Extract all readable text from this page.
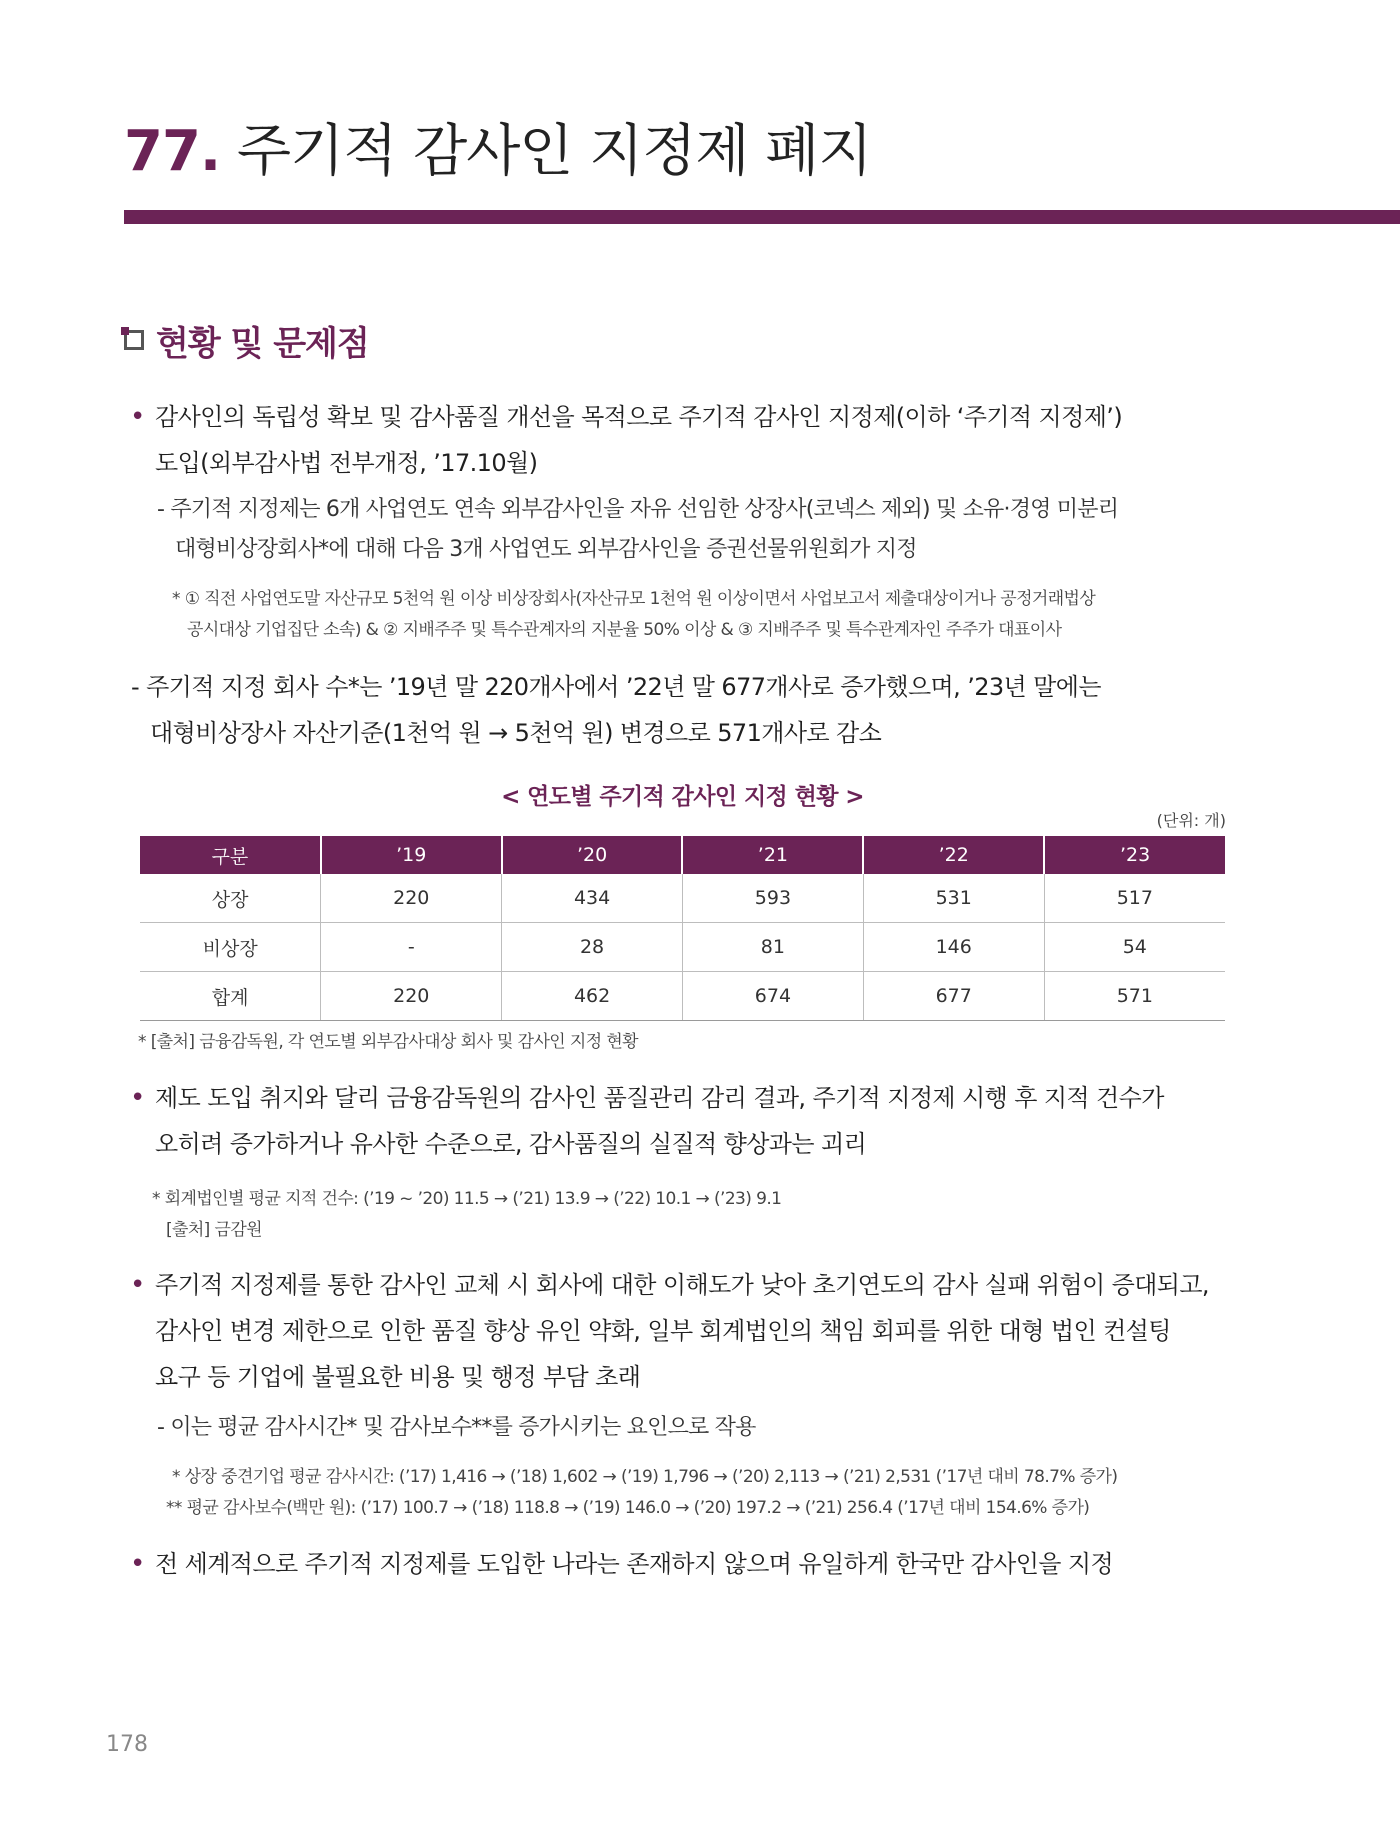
77. 주기적 감사인 지정제 폐지
현황 및 문제점
• 감사인의 독립성 확보 및 감사품질 개선을 목적으로 주기적 감사인 지정제(이하 ‘주기적 지정제’)
도입(외부감사법 전부개정, ’17.10월)
- 주기적 지정제는 6개 사업연도 연속 외부감사인을 자유 선임한 상장사(코넥스 제외) 및 소유·경영 미분리
대형비상장회사*에 대해 다음 3개 사업연도 외부감사인을 증권선물위원회가 지정
* ① 직전 사업연도말 자산규모 5천억 원 이상 비상장회사(자산규모 1천억 원 이상이면서 사업보고서 제출대상이거나 공정거래법상
공시대상 기업집단 소속) & ② 지배주주 및 특수관계자의 지분율 50% 이상 & ③ 지배주주 및 특수관계자인 주주가 대표이사
- 주기적 지정 회사 수*는 ’19년 말 220개사에서 ’22년 말 677개사로 증가했으며, ’23년 말에는
대형비상장사 자산기준(1천억 원 → 5천억 원) 변경으로 571개사로 감소
< 연도별 주기적 감사인 지정 현황 >
(단위: 개)
구분	’19	’20	’21	’22	’23
상장	220	434	593	531	517
비상장	-	28	81	146	54
합계	220	462	674	677	571
* [출처] 금융감독원, 각 연도별 외부감사대상 회사 및 감사인 지정 현황
• 제도 도입 취지와 달리 금융감독원의 감사인 품질관리 감리 결과, 주기적 지정제 시행 후 지적 건수가
오히려 증가하거나 유사한 수준으로, 감사품질의 실질적 향상과는 괴리
* 회계법인별 평균 지적 건수: (’19 ~ ’20) 11.5 → (’21) 13.9 → (’22) 10.1 → (’23) 9.1
[출처] 금감원
• 주기적 지정제를 통한 감사인 교체 시 회사에 대한 이해도가 낮아 초기연도의 감사 실패 위험이 증대되고,
감사인 변경 제한으로 인한 품질 향상 유인 약화, 일부 회계법인의 책임 회피를 위한 대형 법인 컨설팅
요구 등 기업에 불필요한 비용 및 행정 부담 초래
- 이는 평균 감사시간* 및 감사보수**를 증가시키는 요인으로 작용
* 상장 중견기업 평균 감사시간: (’17) 1,416 → (’18) 1,602 → (’19) 1,796 → (’20) 2,113 → (’21) 2,531 (’17년 대비 78.7% 증가)
** 평균 감사보수(백만 원): (’17) 100.7 → (’18) 118.8 → (’19) 146.0 → (’20) 197.2 → (’21) 256.4 (’17년 대비 154.6% 증가)
• 전 세계적으로 주기적 지정제를 도입한 나라는 존재하지 않으며 유일하게 한국만 감사인을 지정
178
